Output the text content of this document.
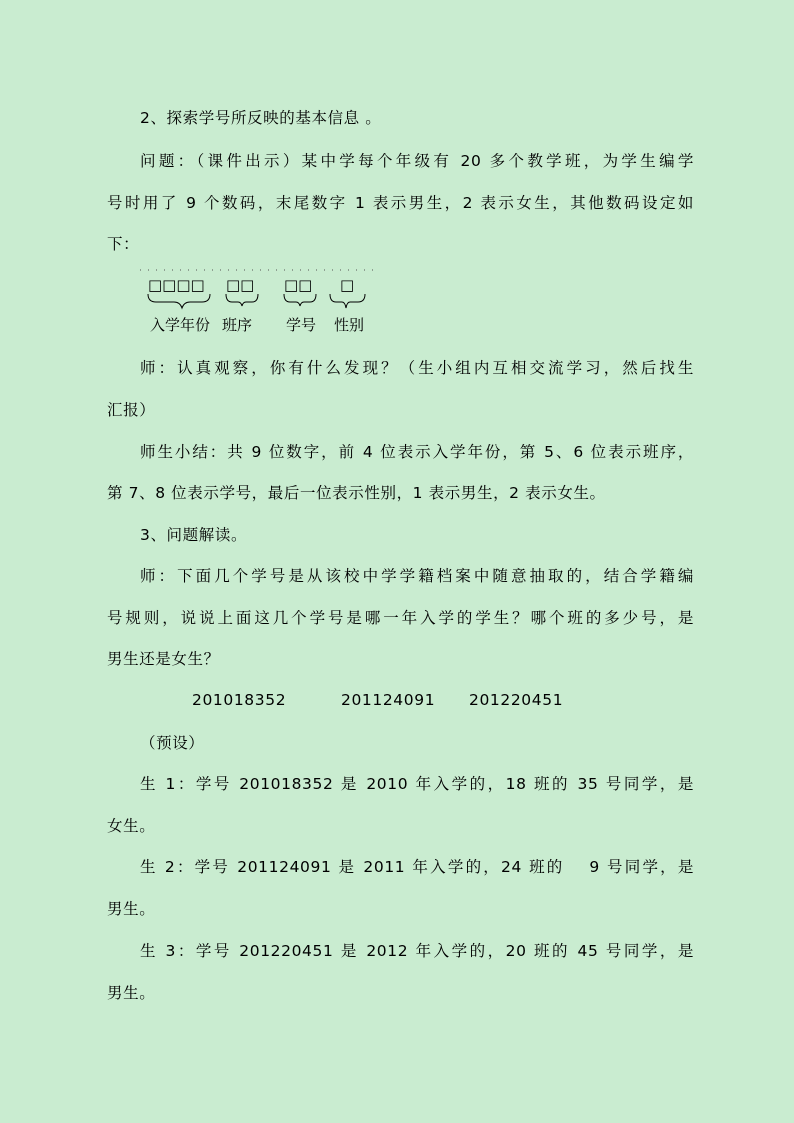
2、探索学号所反映的基本信息 。
问题：（课件出示）某中学每个年级有 20 多个教学班，为学生编学
号时用了 9 个数码，末尾数字 1 表示男生，2 表示女生，其他数码设定如
下：
□□□□ □□ □□ □
入学年份 班序 学号 性别
师：认真观察，你有什么发现？（生小组内互相交流学习，然后找生
汇报）
师生小结：共 9 位数字，前 4 位表示入学年份，第 5、6 位表示班序，
第 7、8 位表示学号，最后一位表示性别，1 表示男生，2 表示女生。
3、问题解读。
师：下面几个学号是从该校中学学籍档案中随意抽取的，结合学籍编
号规则，说说上面这几个学号是哪一年入学的学生？哪个班的多少号，是
男生还是女生？
201018352	201124091 201220451
（预设）
生 1：学号 201018352 是 2010 年入学的，18 班的 35 号同学，是
女生。
生 2：学号 201124091 是 2011 年入学的，24 班的　 9 号同学，是
男生。
生 3：学号 201220451 是 2012 年入学的，20 班的 45 号同学，是
男生。
